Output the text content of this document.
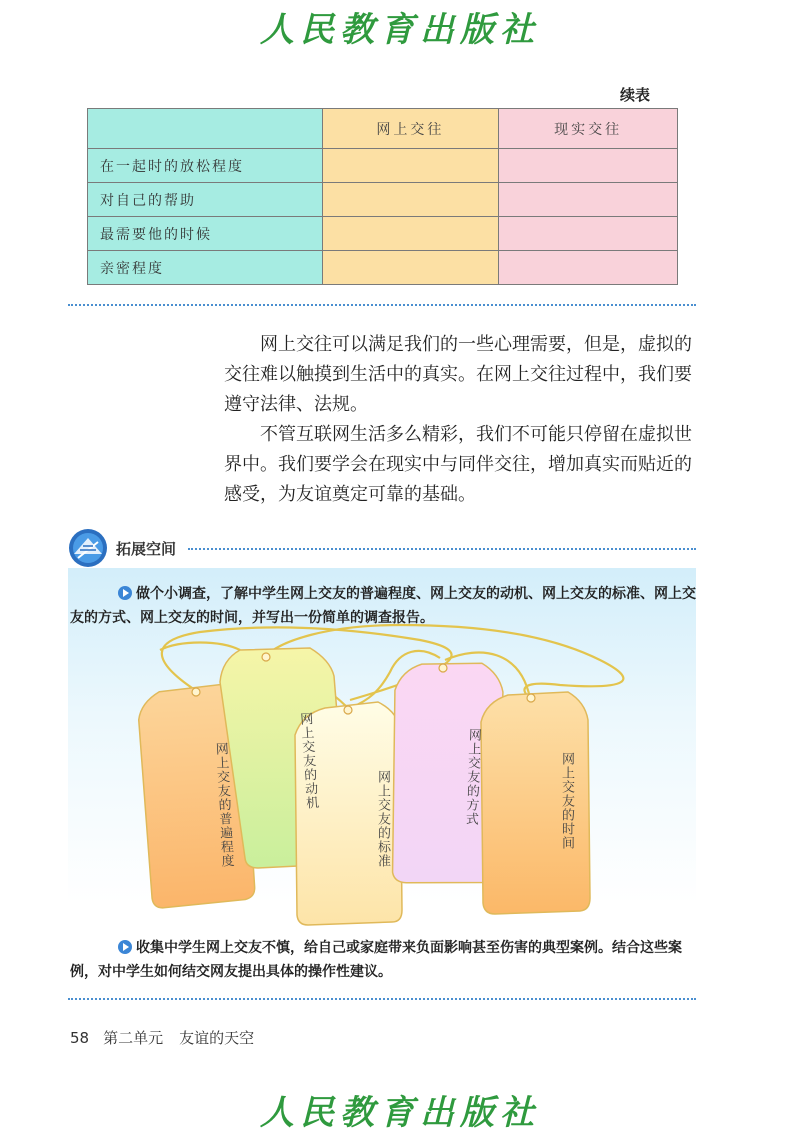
人民教育出版社
续表
	网上交往	现实交往
在一起时的放松程度		
对自己的帮助		
最需要他的时候		
亲密程度		

网上交往可以满足我们的一些心理需要，但是，虚拟的交往难以触摸到生活中的真实。在网上交往过程中，我们要遵守法律、法规。

不管互联网生活多么精彩，我们不可能只停留在虚拟世界中。我们要学会在现实中与同伴交往，增加真实而贴近的感受，为友谊奠定可靠的基础。

拓展空间
做个小调查，了解中学生网上交友的普遍程度、网上交友的动机、网上交友的标准、网上交友的方式、网上交友的时间，并写出一份简单的调查报告。
网上交友的普遍程度	网上交友的动机
网上交友的标准	网上交友的方式	网上交友的时间
收集中学生网上交友不慎，给自己或家庭带来负面影响甚至伤害的典型案例。结合这些案例，对中学生如何结交网友提出具体的操作性建议。
58 第二单元 友谊的天空
人民教育出版社
